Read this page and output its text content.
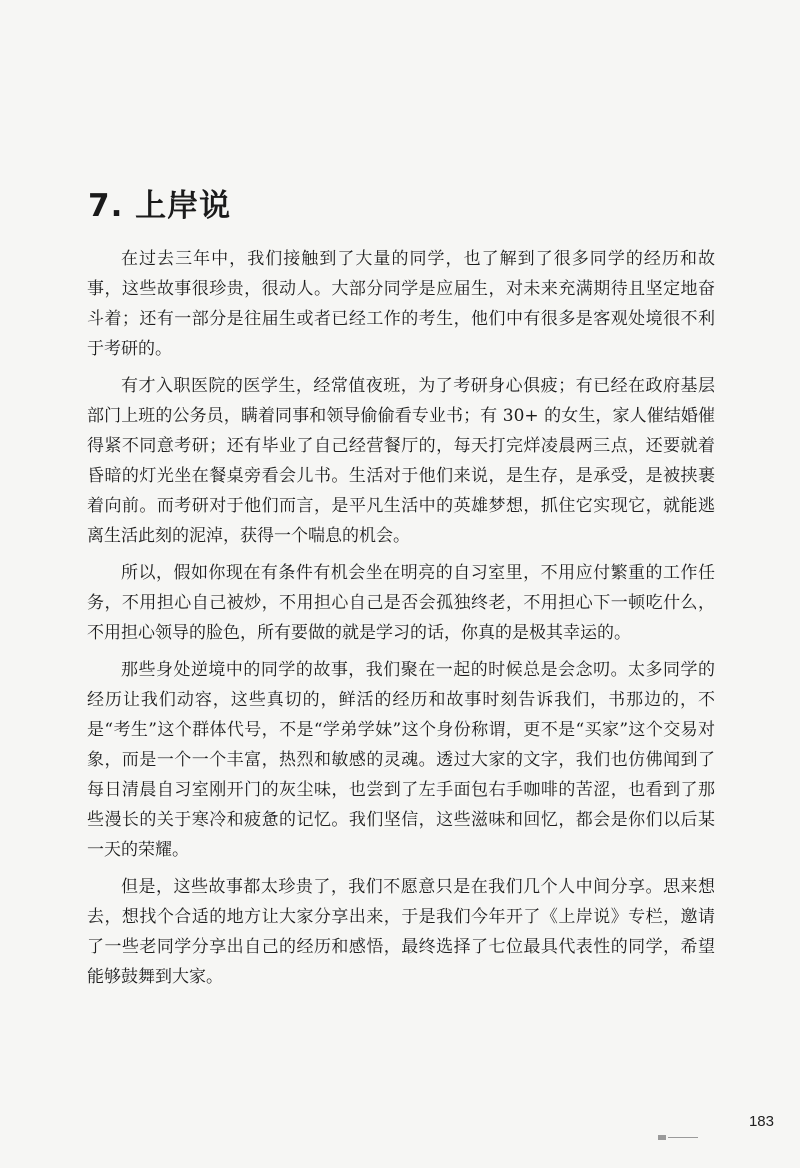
7. 上岸说

在过去三年中，我们接触到了大量的同学，也了解到了很多同学的经历和故事，这些故事很珍贵，很动人。大部分同学是应届生，对未来充满期待且坚定地奋斗着；还有一部分是往届生或者已经工作的考生，他们中有很多是客观处境很不利于考研的。

有才入职医院的医学生，经常值夜班，为了考研身心俱疲；有已经在政府基层部门上班的公务员，瞒着同事和领导偷偷看专业书；有 30+ 的女生，家人催结婚催得紧不同意考研；还有毕业了自己经营餐厅的，每天打完烊凌晨两三点，还要就着昏暗的灯光坐在餐桌旁看会儿书。生活对于他们来说，是生存，是承受，是被挟裹着向前。而考研对于他们而言，是平凡生活中的英雄梦想，抓住它实现它，就能逃离生活此刻的泥淖，获得一个喘息的机会。

所以，假如你现在有条件有机会坐在明亮的自习室里，不用应付繁重的工作任务，不用担心自己被炒，不用担心自己是否会孤独终老，不用担心下一顿吃什么，不用担心领导的脸色，所有要做的就是学习的话，你真的是极其幸运的。

那些身处逆境中的同学的故事，我们聚在一起的时候总是会念叨。太多同学的经历让我们动容，这些真切的，鲜活的经历和故事时刻告诉我们，书那边的，不是“考生”这个群体代号，不是“学弟学妹”这个身份称谓，更不是“买家”这个交易对象，而是一个一个丰富，热烈和敏感的灵魂。透过大家的文字，我们也仿佛闻到了每日清晨自习室刚开门的灰尘味，也尝到了左手面包右手咖啡的苦涩，也看到了那些漫长的关于寒冷和疲惫的记忆。我们坚信，这些滋味和回忆，都会是你们以后某一天的荣耀。

但是，这些故事都太珍贵了，我们不愿意只是在我们几个人中间分享。思来想去，想找个合适的地方让大家分享出来，于是我们今年开了《上岸说》专栏，邀请了一些老同学分享出自己的经历和感悟，最终选择了七位最具代表性的同学，希望能够鼓舞到大家。

183
